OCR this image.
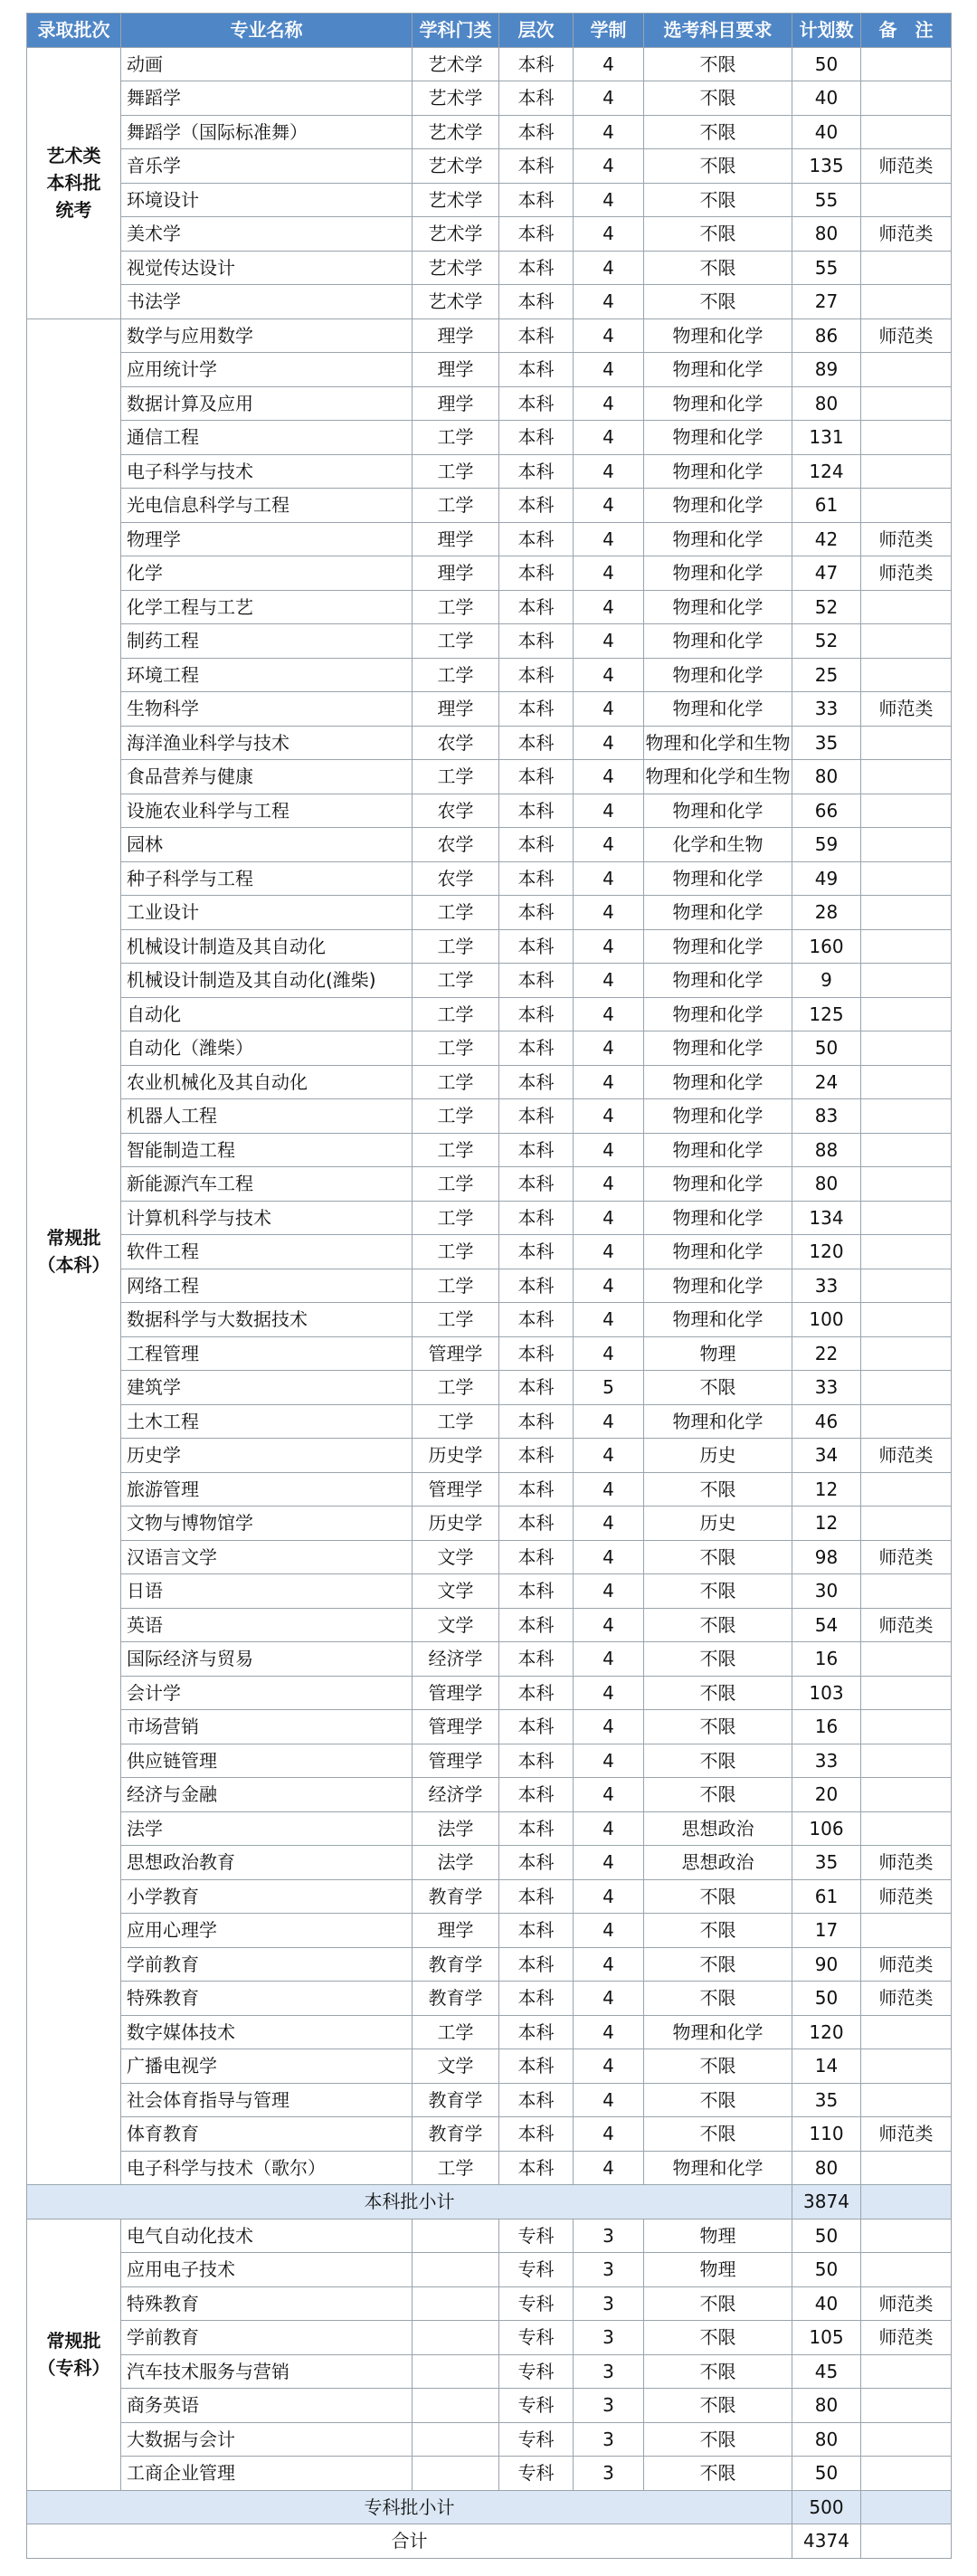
录取批次	专业名称	学科门类	层次	学制	选考科目要求	计划数	备　注
艺术类
本科批
统考	动画	艺术学	本科	4	不限	50	
	舞蹈学	艺术学	本科	4	不限	40	
	舞蹈学（国际标准舞）	艺术学	本科	4	不限	40	
	音乐学	艺术学	本科	4	不限	135	师范类
	环境设计	艺术学	本科	4	不限	55	
	美术学	艺术学	本科	4	不限	80	师范类
	视觉传达设计	艺术学	本科	4	不限	55	
	书法学	艺术学	本科	4	不限	27	
常规批
（本科）	数学与应用数学	理学	本科	4	物理和化学	86	师范类
	应用统计学	理学	本科	4	物理和化学	89	
	数据计算及应用	理学	本科	4	物理和化学	80	
	通信工程	工学	本科	4	物理和化学	131	
	电子科学与技术	工学	本科	4	物理和化学	124	
	光电信息科学与工程	工学	本科	4	物理和化学	61	
	物理学	理学	本科	4	物理和化学	42	师范类
	化学	理学	本科	4	物理和化学	47	师范类
	化学工程与工艺	工学	本科	4	物理和化学	52	
	制药工程	工学	本科	4	物理和化学	52	
	环境工程	工学	本科	4	物理和化学	25	
	生物科学	理学	本科	4	物理和化学	33	师范类
	海洋渔业科学与技术	农学	本科	4	物理和化学和生物	35	
	食品营养与健康	工学	本科	4	物理和化学和生物	80	
	设施农业科学与工程	农学	本科	4	物理和化学	66	
	园林	农学	本科	4	化学和生物	59	
	种子科学与工程	农学	本科	4	物理和化学	49	
	工业设计	工学	本科	4	物理和化学	28	
	机械设计制造及其自动化	工学	本科	4	物理和化学	160	
	机械设计制造及其自动化(潍柴)	工学	本科	4	物理和化学	9	
	自动化	工学	本科	4	物理和化学	125	
	自动化（潍柴）	工学	本科	4	物理和化学	50	
	农业机械化及其自动化	工学	本科	4	物理和化学	24	
	机器人工程	工学	本科	4	物理和化学	83	
	智能制造工程	工学	本科	4	物理和化学	88	
	新能源汽车工程	工学	本科	4	物理和化学	80	
	计算机科学与技术	工学	本科	4	物理和化学	134	
	软件工程	工学	本科	4	物理和化学	120	
	网络工程	工学	本科	4	物理和化学	33	
	数据科学与大数据技术	工学	本科	4	物理和化学	100	
	工程管理	管理学	本科	4	物理	22	
	建筑学	工学	本科	5	不限	33	
	土木工程	工学	本科	4	物理和化学	46	
	历史学	历史学	本科	4	历史	34	师范类
	旅游管理	管理学	本科	4	不限	12	
	文物与博物馆学	历史学	本科	4	历史	12	
	汉语言文学	文学	本科	4	不限	98	师范类
	日语	文学	本科	4	不限	30	
	英语	文学	本科	4	不限	54	师范类
	国际经济与贸易	经济学	本科	4	不限	16	
	会计学	管理学	本科	4	不限	103	
	市场营销	管理学	本科	4	不限	16	
	供应链管理	管理学	本科	4	不限	33	
	经济与金融	经济学	本科	4	不限	20	
	法学	法学	本科	4	思想政治	106	
	思想政治教育	法学	本科	4	思想政治	35	师范类
	小学教育	教育学	本科	4	不限	61	师范类
	应用心理学	理学	本科	4	不限	17	
	学前教育	教育学	本科	4	不限	90	师范类
	特殊教育	教育学	本科	4	不限	50	师范类
	数字媒体技术	工学	本科	4	物理和化学	120	
	广播电视学	文学	本科	4	不限	14	
	社会体育指导与管理	教育学	本科	4	不限	35	
	体育教育	教育学	本科	4	不限	110	师范类
	电子科学与技术（歌尔）	工学	本科	4	物理和化学	80	
本科批小计						3874	
常规批
（专科）	电气自动化技术		专科	3	物理	50	
	应用电子技术		专科	3	物理	50	
	特殊教育		专科	3	不限	40	师范类
	学前教育		专科	3	不限	105	师范类
	汽车技术服务与营销		专科	3	不限	45	
	商务英语		专科	3	不限	80	
	大数据与会计		专科	3	不限	80	
	工商企业管理		专科	3	不限	50	
专科批小计						500	
合计						4374	
